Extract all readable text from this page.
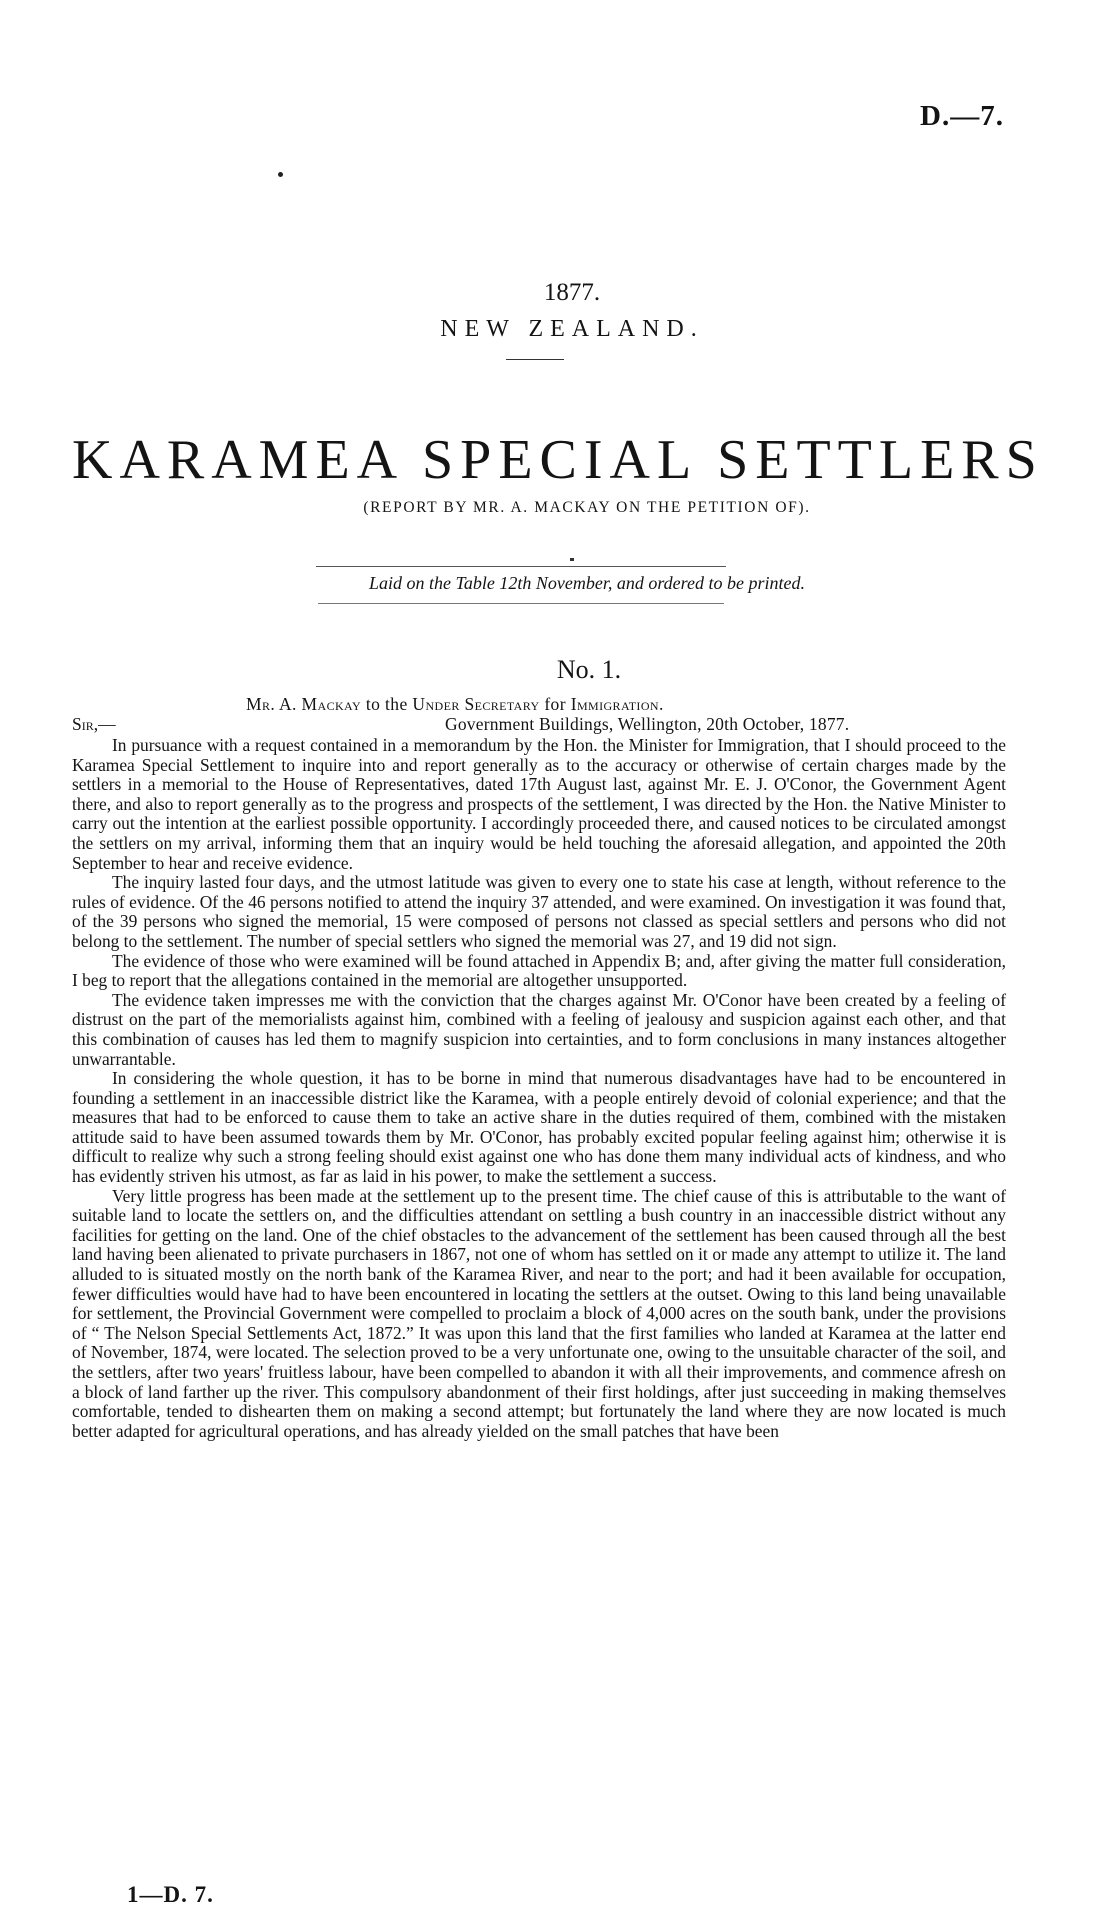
D.—7.
1877.
NEW ZEALAND.
KARAMEA SPECIAL SETTLERS
(REPORT BY MR. A. MACKAY ON THE PETITION OF).
Laid on the Table 12th November, and ordered to be printed.
No. 1.
Mr. A. Mackay to the Under Secretary for Immigration.
Sir,—	Government Buildings, Wellington, 20th October, 1877.

In pursuance with a request contained in a memorandum by the Hon. the Minister for Immigration, that I should proceed to the Karamea Special Settlement to inquire into and report generally as to the accuracy or otherwise of certain charges made by the settlers in a memorial to the House of Representatives, dated 17th August last, against Mr. E. J. O'Conor, the Government Agent there, and also to report generally as to the progress and prospects of the settlement, I was directed by the Hon. the Native Minister to carry out the intention at the earliest possible opportunity. I accordingly proceeded there, and caused notices to be circulated amongst the settlers on my arrival, informing them that an inquiry would be held touching the aforesaid allegation, and appointed the 20th September to hear and receive evidence.

The inquiry lasted four days, and the utmost latitude was given to every one to state his case at length, without reference to the rules of evidence. Of the 46 persons notified to attend the inquiry 37 attended, and were examined. On investigation it was found that, of the 39 persons who signed the memorial, 15 were composed of persons not classed as special settlers and persons who did not belong to the settlement. The number of special settlers who signed the memorial was 27, and 19 did not sign.

The evidence of those who were examined will be found attached in Appendix B; and, after giving the matter full consideration, I beg to report that the allegations contained in the memorial are altogether unsupported.

The evidence taken impresses me with the conviction that the charges against Mr. O'Conor have been created by a feeling of distrust on the part of the memorialists against him, combined with a feeling of jealousy and suspicion against each other, and that this combination of causes has led them to magnify suspicion into certainties, and to form conclusions in many instances altogether unwarrantable.

In considering the whole question, it has to be borne in mind that numerous disadvantages have had to be encountered in founding a settlement in an inaccessible district like the Karamea, with a people entirely devoid of colonial experience; and that the measures that had to be enforced to cause them to take an active share in the duties required of them, combined with the mistaken attitude said to have been assumed towards them by Mr. O'Conor, has probably excited popular feeling against him; otherwise it is difficult to realize why such a strong feeling should exist against one who has done them many individual acts of kindness, and who has evidently striven his utmost, as far as laid in his power, to make the settlement a success.

Very little progress has been made at the settlement up to the present time. The chief cause of this is attributable to the want of suitable land to locate the settlers on, and the difficulties attendant on settling a bush country in an inaccessible district without any facilities for getting on the land. One of the chief obstacles to the advancement of the settlement has been caused through all the best land having been alienated to private purchasers in 1867, not one of whom has settled on it or made any attempt to utilize it. The land alluded to is situated mostly on the north bank of the Karamea River, and near to the port; and had it been available for occupation, fewer difficulties would have had to have been encountered in locating the settlers at the outset. Owing to this land being unavailable for settlement, the Provincial Government were compelled to proclaim a block of 4,000 acres on the south bank, under the provisions of “ The Nelson Special Settlements Act, 1872.” It was upon this land that the first families who landed at Karamea at the latter end of November, 1874, were located. The selection proved to be a very unfortunate one, owing to the unsuitable character of the soil, and the settlers, after two years' fruitless labour, have been compelled to abandon it with all their improvements, and commence afresh on a block of land farther up the river. This compulsory abandonment of their first holdings, after just succeeding in making themselves comfortable, tended to dishearten them on making a second attempt; but fortunately the land where they are now located is much better adapted for agricultural operations, and has already yielded on the small patches that have been

1—D. 7.
